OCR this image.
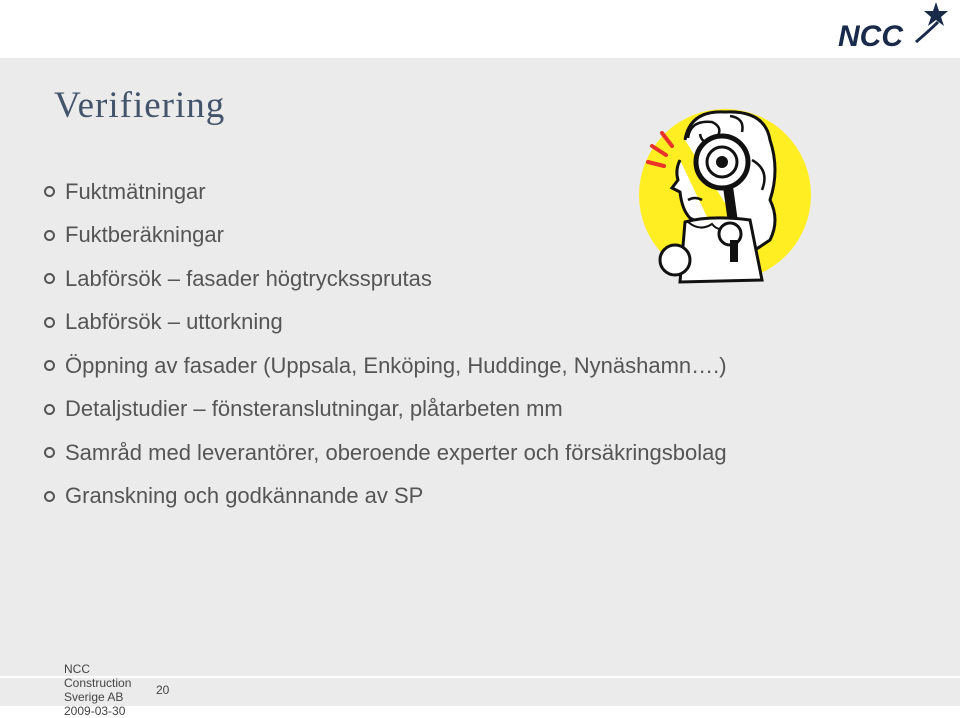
NCC
Verifiering
Fuktmätningar
Fuktberäkningar
Labförsök – fasader högtryckssprutas
Labförsök – uttorkning
Öppning av fasader (Uppsala, Enköping, Huddinge, Nynäshamn….)
Detaljstudier – fönsteranslutningar, plåtarbeten mm
Samråd med leverantörer, oberoende experter och försäkringsbolag
Granskning och godkännande av SP
NCC
Construction
Sverige AB
2009-03-30
20
